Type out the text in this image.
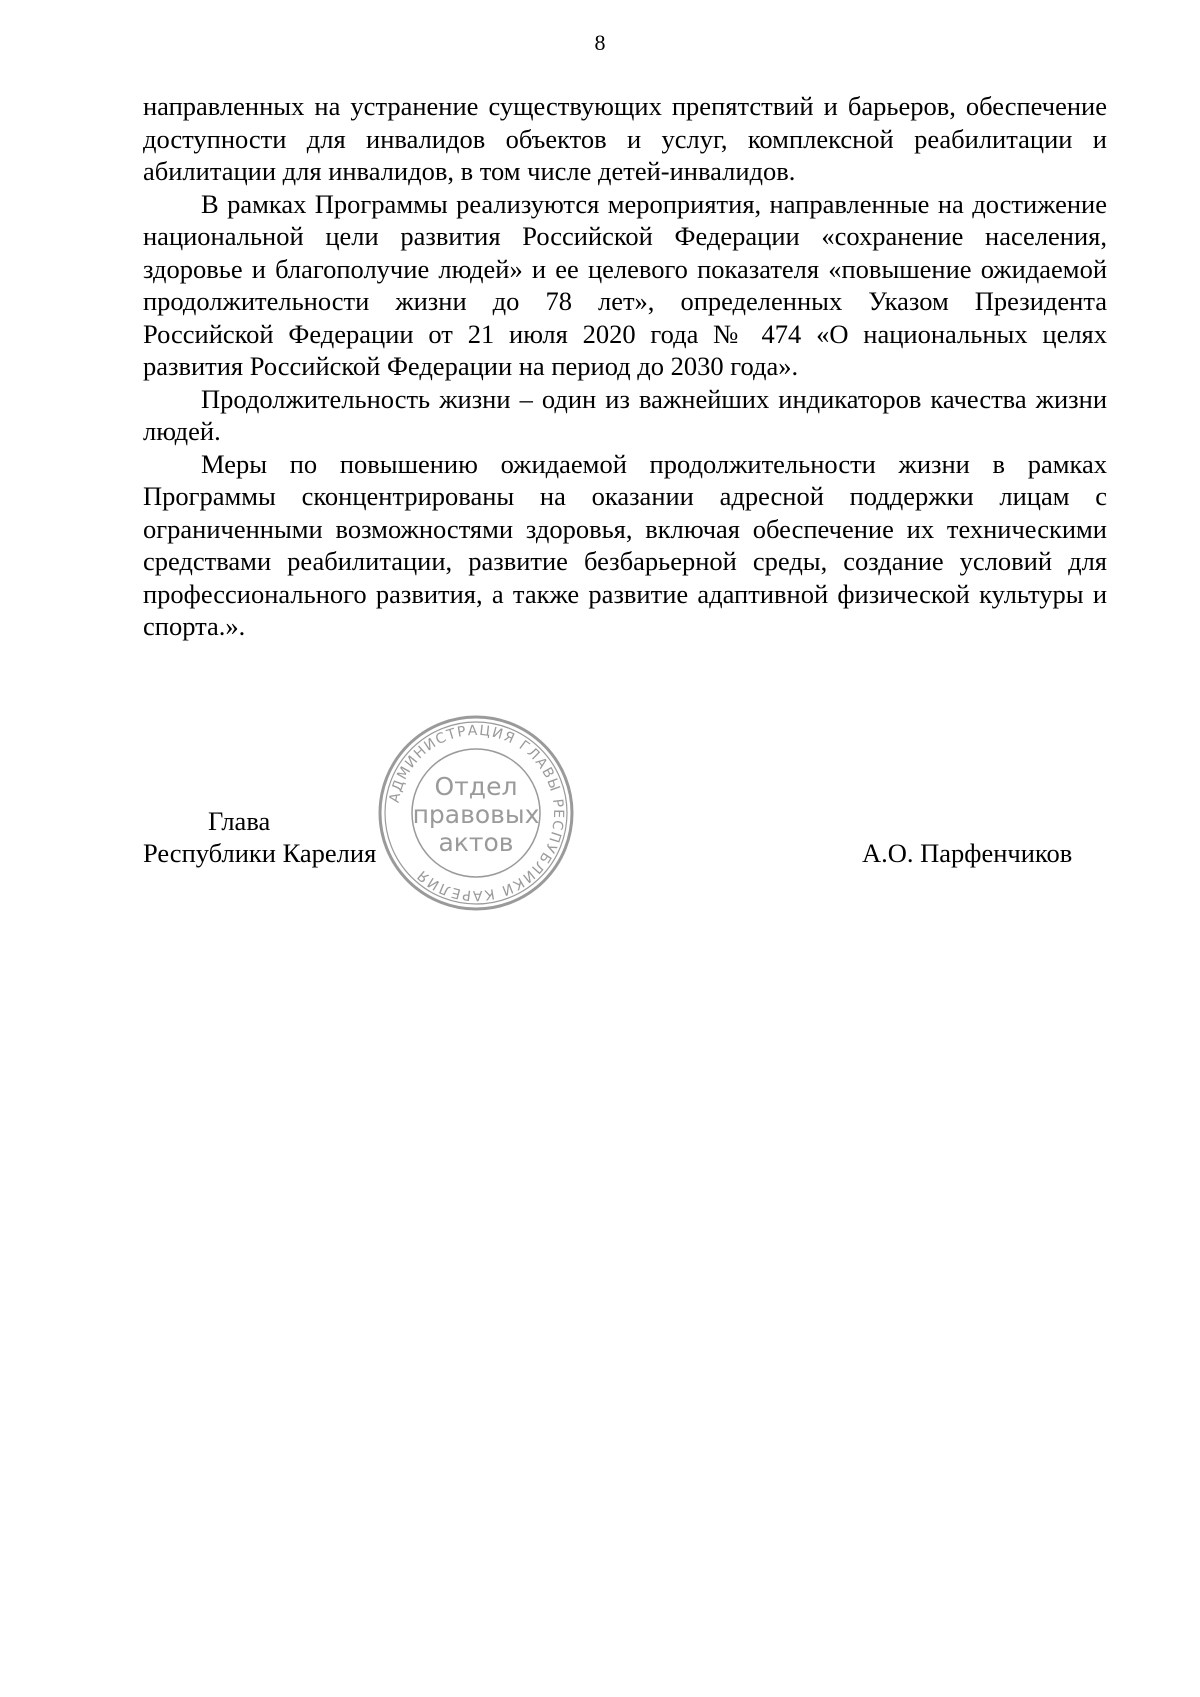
8

направленных на устранение существующих препятствий и барьеров, обеспечение доступности для инвалидов объектов и услуг, комплексной реабилитации и абилитации для инвалидов, в том числе детей-инвалидов.

В рамках Программы реализуются мероприятия, направленные на достижение национальной цели развития Российской Федерации «сохранение населения, здоровье и благополучие людей» и ее целевого показателя «повышение ожидаемой продолжительности жизни до 78 лет», определенных Указом Президента Российской Федерации от 21 июля 2020 года № 474 «О национальных целях развития Российской Федерации на период до 2030 года».

Продолжительность жизни – один из важнейших индикаторов качества жизни людей.

Меры по повышению ожидаемой продолжительности жизни в рамках Программы сконцентрированы на оказании адресной поддержки лицам с ограниченными возможностями здоровья, включая обеспечение их техническими средствами реабилитации, развитие безбарьерной среды, создание условий для профессионального развития, а также развитие адаптивной физической культуры и спорта.».

АДМИНИСТРАЦИЯ ГЛАВЫ РЕСПУБЛИКИ КАРЕЛИЯ
Отдел
правовых
актов
Глава
Республики Карелия	А.О. Парфенчиков
